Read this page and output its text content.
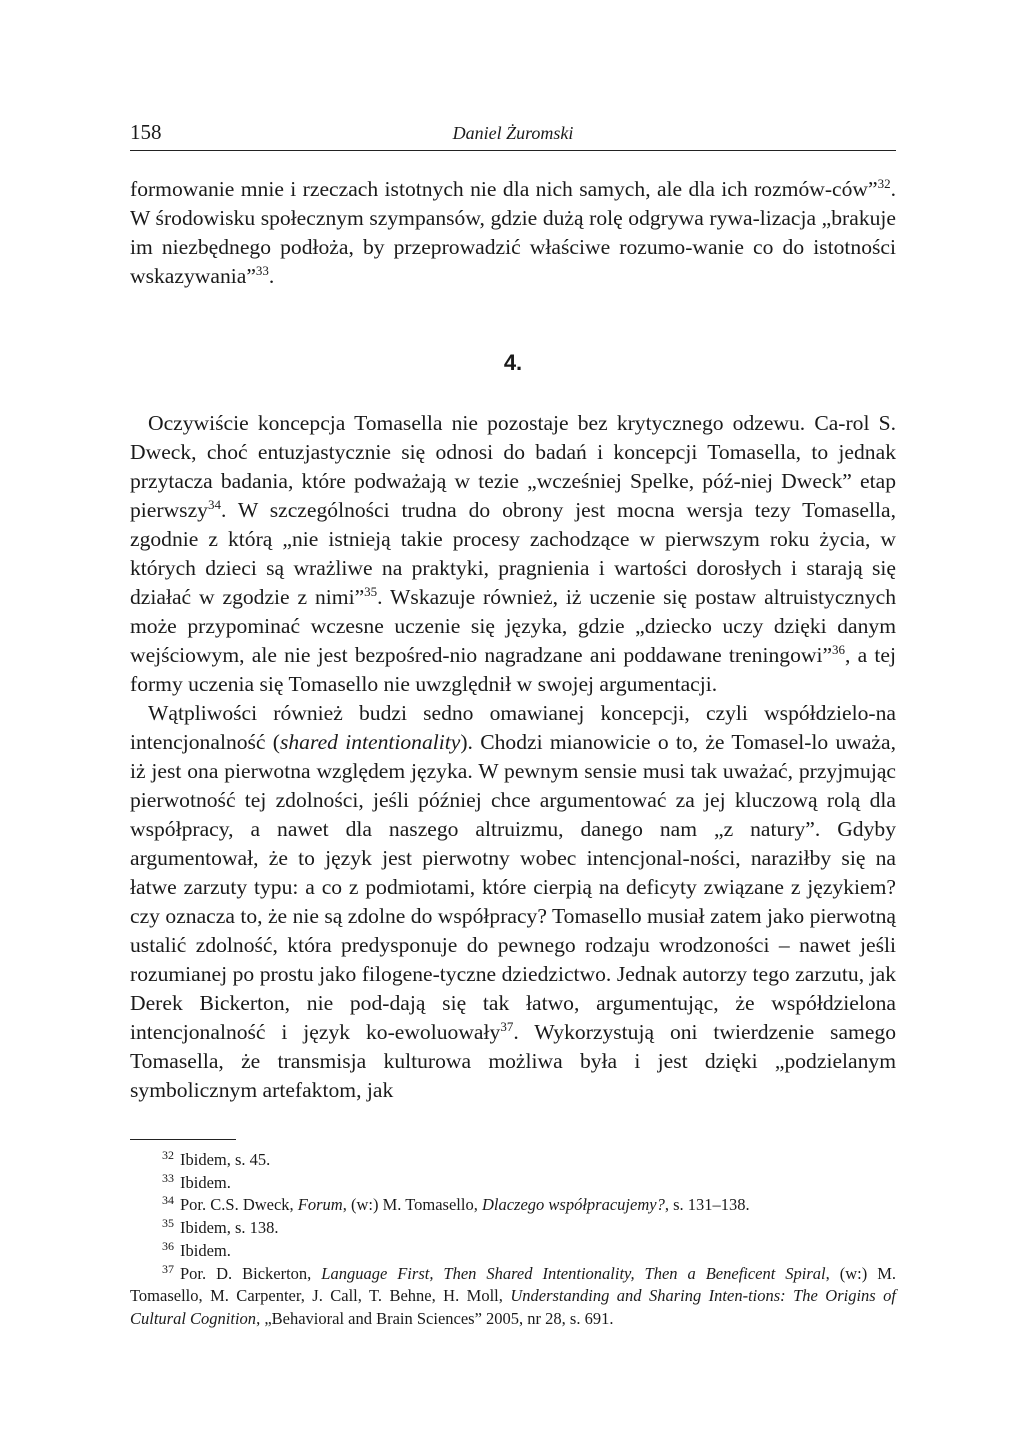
158	Daniel Żuromski

formowanie mnie i rzeczach istotnych nie dla nich samych, ale dla ich rozmów-ców”$^{32}$. W środowisku społecznym szympansów, gdzie dużą rolę odgrywa rywa-lizacja „brakuje im niezbędnego podłoża, by przeprowadzić właściwe rozumo-wanie co do istotności wskazywania”$^{33}$.

4.

Oczywiście koncepcja Tomasella nie pozostaje bez krytycznego odzewu. Ca-rol S. Dweck, choć entuzjastycznie się odnosi do badań i koncepcji Tomasella, to jednak przytacza badania, które podważają w tezie „wcześniej Spelke, póź-niej Dweck” etap pierwszy$^{34}$. W szczególności trudna do obrony jest mocna wersja tezy Tomasella, zgodnie z którą „nie istnieją takie procesy zachodzące w pierwszym roku życia, w których dzieci są wrażliwe na praktyki, pragnienia i wartości dorosłych i starają się działać w zgodzie z nimi”$^{35}$. Wskazuje również, iż uczenie się postaw altruistycznych może przypominać wczesne uczenie się języka, gdzie „dziecko uczy dzięki danym wejściowym, ale nie jest bezpośred-nio nagradzane ani poddawane treningowi”$^{36}$, a tej formy uczenia się Tomasello nie uwzględnił w swojej argumentacji.

Wątpliwości również budzi sedno omawianej koncepcji, czyli współdzielo-na intencjonalność (shared intentionality). Chodzi mianowicie o to, że Tomasel-lo uważa, iż jest ona pierwotna względem języka. W pewnym sensie musi tak uważać, przyjmując pierwotność tej zdolności, jeśli później chce argumentować za jej kluczową rolą dla współpracy, a nawet dla naszego altruizmu, danego nam „z natury”. Gdyby argumentował, że to język jest pierwotny wobec intencjonal-ności, naraziłby się na łatwe zarzuty typu: a co z podmiotami, które cierpią na deficyty związane z językiem? czy oznacza to, że nie są zdolne do współpracy? Tomasello musiał zatem jako pierwotną ustalić zdolność, która predysponuje do pewnego rodzaju wrodzoności – nawet jeśli rozumianej po prostu jako filogene-tyczne dziedzictwo. Jednak autorzy tego zarzutu, jak Derek Bickerton, nie pod-dają się tak łatwo, argumentując, że współdzielona intencjonalność i język ko-ewoluowały$^{37}$. Wykorzystują oni twierdzenie samego Tomasella, że transmisja kulturowa możliwa była i jest dzięki „podzielanym symbolicznym artefaktom, jak

$^{32}$ Ibidem, s. 45.

$^{33}$ Ibidem.

$^{34}$ Por. C.S. Dweck, Forum, (w:) M. Tomasello, Dlaczego współpracujemy?, s. 131–138.

$^{35}$ Ibidem, s. 138.

$^{36}$ Ibidem.

$^{37}$ Por. D. Bickerton, Language First, Then Shared Intentionality, Then a Beneficent Spiral, (w:) M. Tomasello, M. Carpenter, J. Call, T. Behne, H. Moll, Understanding and Sharing Inten-tions: The Origins of Cultural Cognition, „Behavioral and Brain Sciences” 2005, nr 28, s. 691.
